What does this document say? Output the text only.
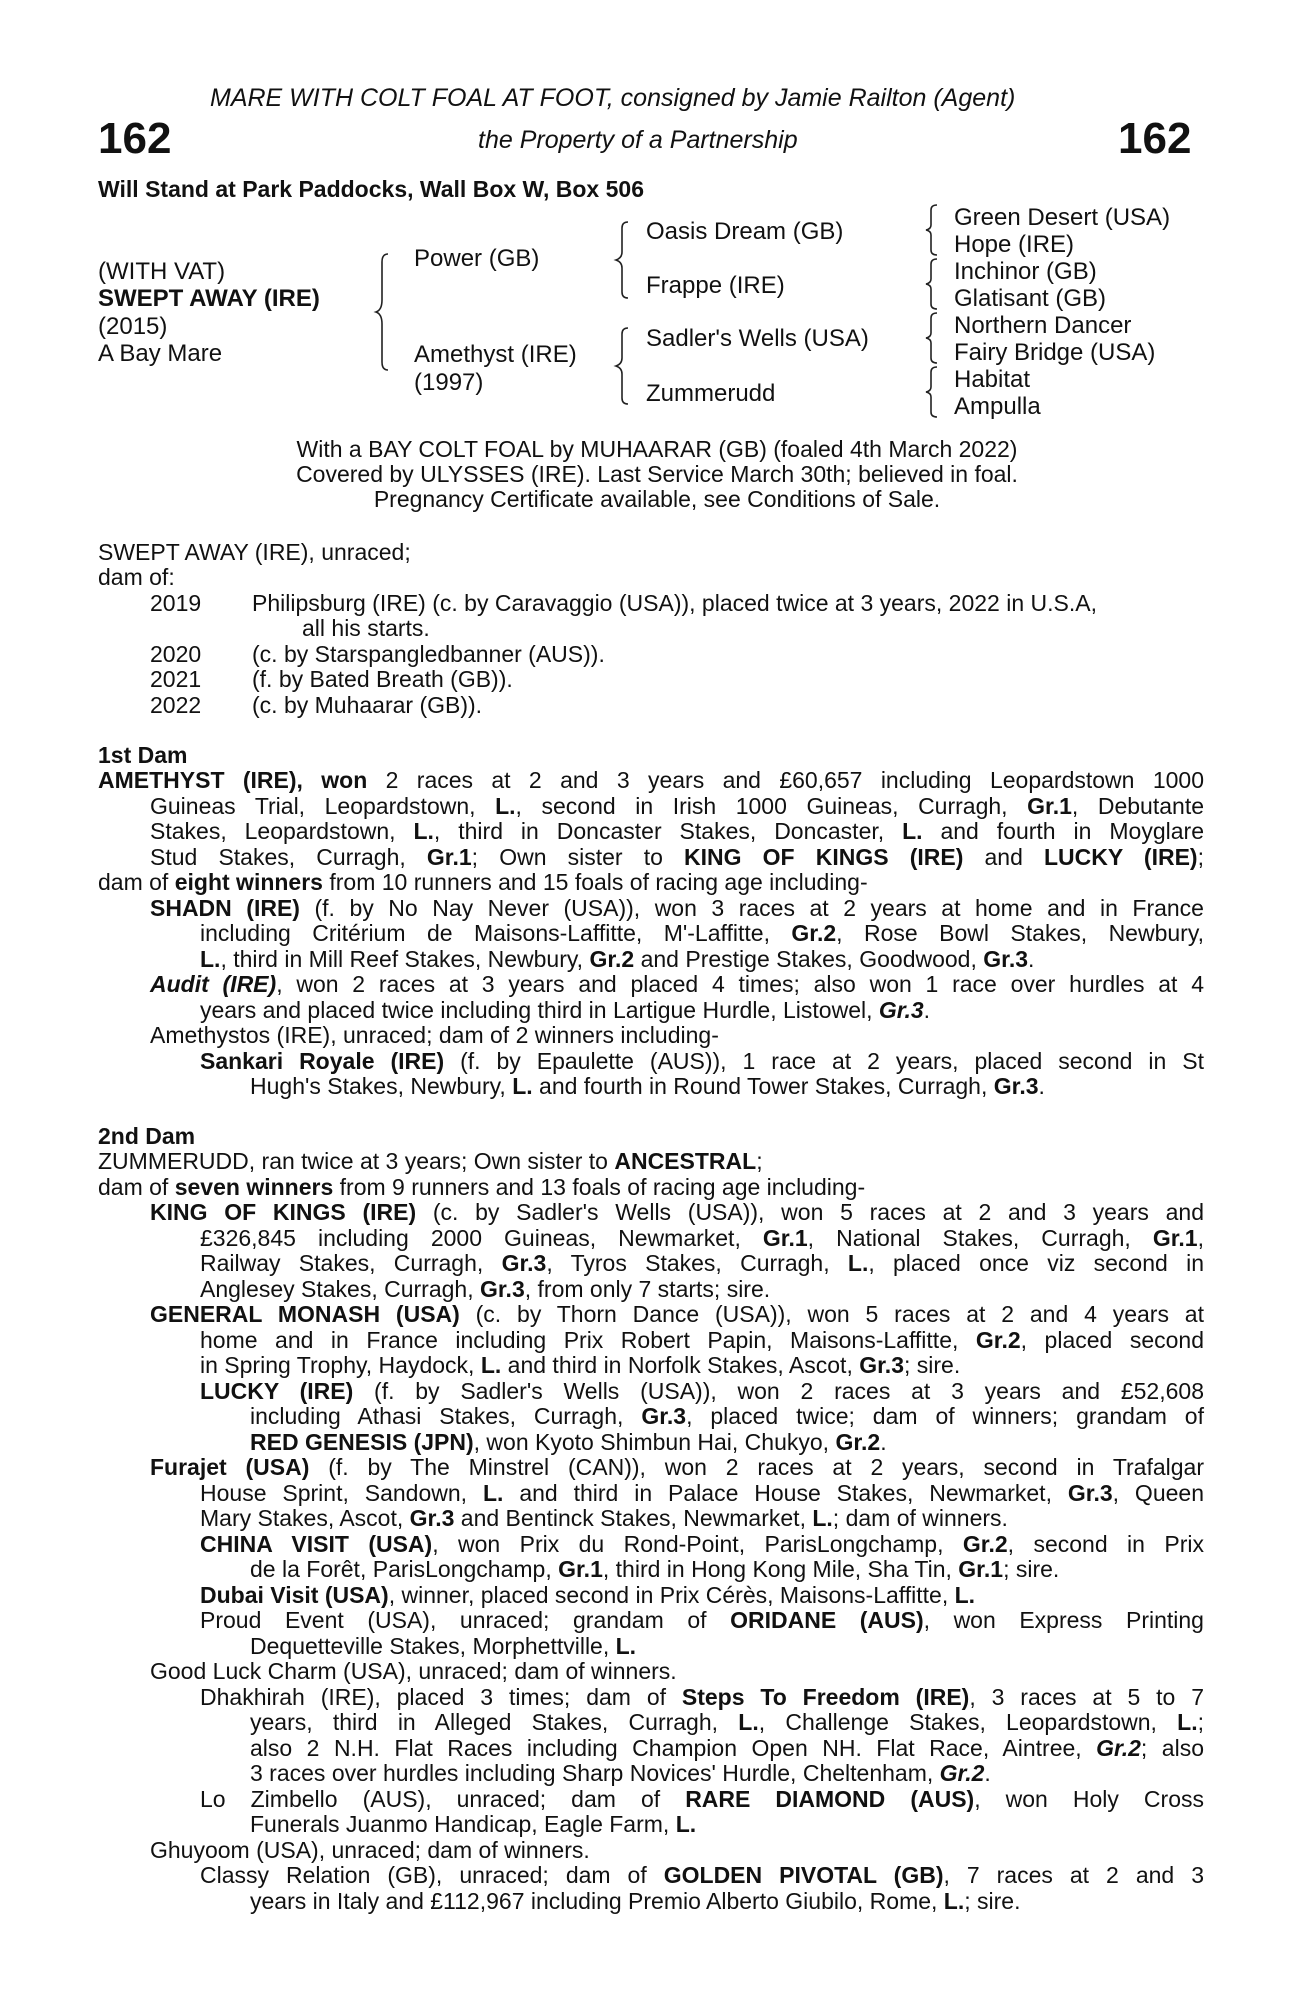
MARE WITH COLT FOAL AT FOOT, consigned by Jamie Railton (Agent)
162	the Property of a Partnership	162
Will Stand at Park Paddocks, Wall Box W, Box 506
(WITH VAT)
SWEPT AWAY (IRE)
(2015)
A Bay Mare
Power (GB)
Amethyst (IRE)
(1997)
Oasis Dream (GB)
Frappe (IRE)
Sadler's Wells (USA)
Zummerudd
Green Desert (USA)
Hope (IRE)
Inchinor (GB)
Glatisant (GB)
Northern Dancer
Fairy Bridge (USA)
Habitat
Ampulla
With a BAY COLT FOAL by MUHAARAR (GB) (foaled 4th March 2022)
Covered by ULYSSES (IRE). Last Service March 30th; believed in foal.
Pregnancy Certificate available, see Conditions of Sale.
SWEPT AWAY (IRE), unraced;
dam of:
2019 Philipsburg (IRE) (c. by Caravaggio (USA)), placed twice at 3 years, 2022 in U.S.A,
all his starts.
2020 (c. by Starspangledbanner (AUS)).
2021 (f. by Bated Breath (GB)).
2022 (c. by Muhaarar (GB)).
1st Dam
AMETHYST (IRE), won 2 races at 2 and 3 years and £60,657 including Leopardstown 1000
Guineas Trial, Leopardstown, L., second in Irish 1000 Guineas, Curragh, Gr.1, Debutante
Stakes, Leopardstown, L., third in Doncaster Stakes, Doncaster, L. and fourth in Moyglare
Stud Stakes, Curragh, Gr.1; Own sister to KING OF KINGS (IRE) and LUCKY (IRE);
dam of eight winners from 10 runners and 15 foals of racing age including-
SHADN (IRE) (f. by No Nay Never (USA)), won 3 races at 2 years at home and in France
including Critérium de Maisons-Laffitte, M'-Laffitte, Gr.2, Rose Bowl Stakes, Newbury,
L., third in Mill Reef Stakes, Newbury, Gr.2 and Prestige Stakes, Goodwood, Gr.3.
Audit (IRE), won 2 races at 3 years and placed 4 times; also won 1 race over hurdles at 4
years and placed twice including third in Lartigue Hurdle, Listowel, Gr.3.
Amethystos (IRE), unraced; dam of 2 winners including-
Sankari Royale (IRE) (f. by Epaulette (AUS)), 1 race at 2 years, placed second in St
Hugh's Stakes, Newbury, L. and fourth in Round Tower Stakes, Curragh, Gr.3.
2nd Dam
ZUMMERUDD, ran twice at 3 years; Own sister to ANCESTRAL;
dam of seven winners from 9 runners and 13 foals of racing age including-
KING OF KINGS (IRE) (c. by Sadler's Wells (USA)), won 5 races at 2 and 3 years and
£326,845 including 2000 Guineas, Newmarket, Gr.1, National Stakes, Curragh, Gr.1,
Railway Stakes, Curragh, Gr.3, Tyros Stakes, Curragh, L., placed once viz second in
Anglesey Stakes, Curragh, Gr.3, from only 7 starts; sire.
GENERAL MONASH (USA) (c. by Thorn Dance (USA)), won 5 races at 2 and 4 years at
home and in France including Prix Robert Papin, Maisons-Laffitte, Gr.2, placed second
in Spring Trophy, Haydock, L. and third in Norfolk Stakes, Ascot, Gr.3; sire.
LUCKY (IRE) (f. by Sadler's Wells (USA)), won 2 races at 3 years and £52,608
including Athasi Stakes, Curragh, Gr.3, placed twice; dam of winners; grandam of
RED GENESIS (JPN), won Kyoto Shimbun Hai, Chukyo, Gr.2.
Furajet (USA) (f. by The Minstrel (CAN)), won 2 races at 2 years, second in Trafalgar
House Sprint, Sandown, L. and third in Palace House Stakes, Newmarket, Gr.3, Queen
Mary Stakes, Ascot, Gr.3 and Bentinck Stakes, Newmarket, L.; dam of winners.
CHINA VISIT (USA), won Prix du Rond-Point, ParisLongchamp, Gr.2, second in Prix
de la Forêt, ParisLongchamp, Gr.1, third in Hong Kong Mile, Sha Tin, Gr.1; sire.
Dubai Visit (USA), winner, placed second in Prix Cérès, Maisons-Laffitte, L.
Proud Event (USA), unraced; grandam of ORIDANE (AUS), won Express Printing
Dequetteville Stakes, Morphettville, L.
Good Luck Charm (USA), unraced; dam of winners.
Dhakhirah (IRE), placed 3 times; dam of Steps To Freedom (IRE), 3 races at 5 to 7
years, third in Alleged Stakes, Curragh, L., Challenge Stakes, Leopardstown, L.;
also 2 N.H. Flat Races including Champion Open NH. Flat Race, Aintree, Gr.2; also
3 races over hurdles including Sharp Novices' Hurdle, Cheltenham, Gr.2.
Lo Zimbello (AUS), unraced; dam of RARE DIAMOND (AUS), won Holy Cross
Funerals Juanmo Handicap, Eagle Farm, L.
Ghuyoom (USA), unraced; dam of winners.
Classy Relation (GB), unraced; dam of GOLDEN PIVOTAL (GB), 7 races at 2 and 3
years in Italy and £112,967 including Premio Alberto Giubilo, Rome, L.; sire.
